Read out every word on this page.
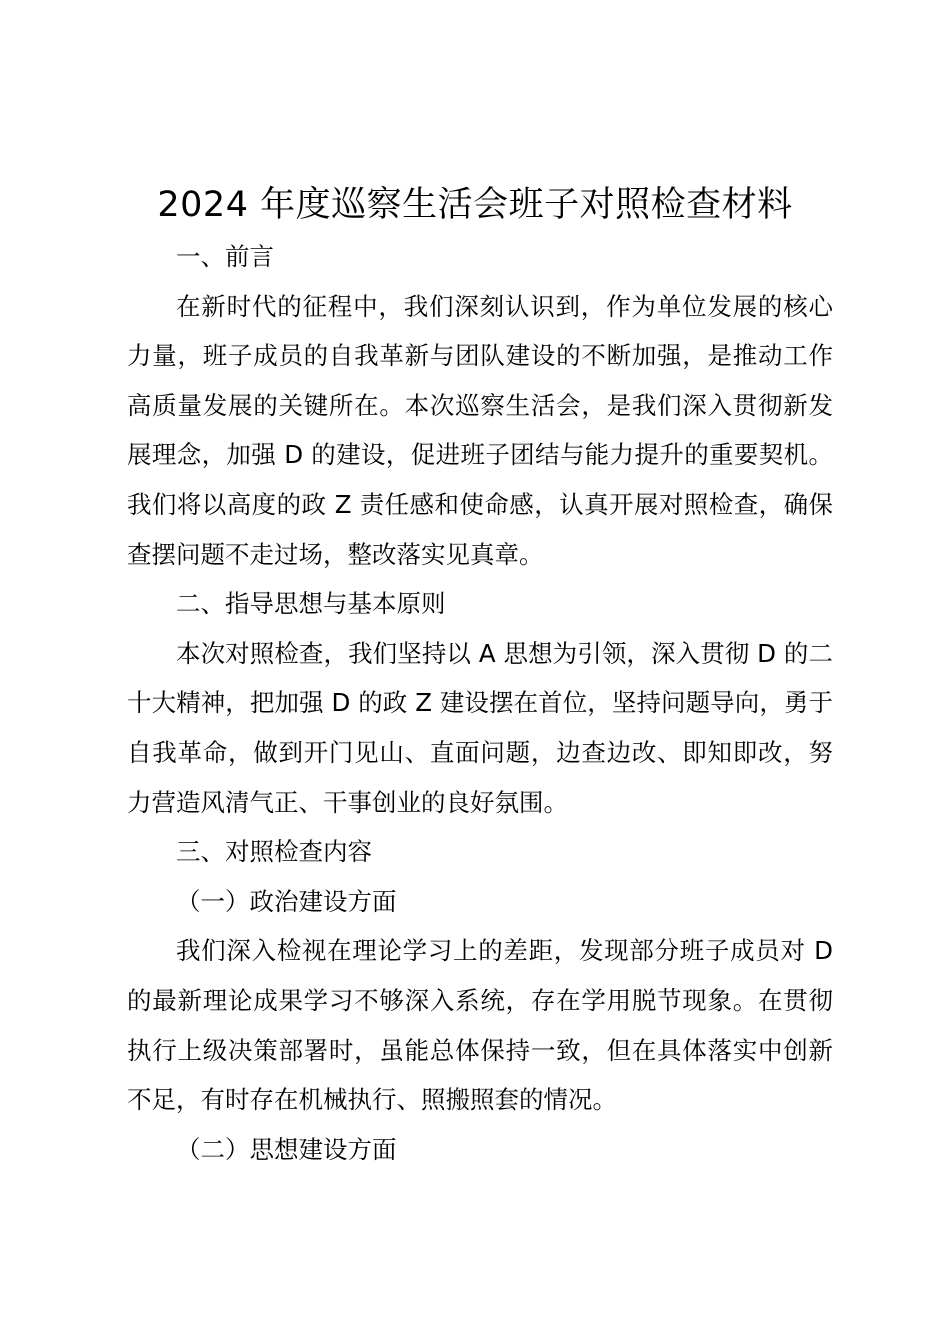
2024 年度巡察生活会班子对照检查材料

一、前言

在新时代的征程中，我们深刻认识到，作为单位发展的核心力量，班子成员的自我革新与团队建设的不断加强，是推动工作高质量发展的关键所在。本次巡察生活会，是我们深入贯彻新发展理念，加强 D 的建设，促进班子团结与能力提升的重要契机。我们将以高度的政 Z 责任感和使命感，认真开展对照检查，确保查摆问题不走过场，整改落实见真章。

二、指导思想与基本原则

本次对照检查，我们坚持以 A 思想为引领，深入贯彻 D 的二十大精神，把加强 D 的政 Z 建设摆在首位，坚持问题导向，勇于自我革命，做到开门见山、直面问题，边查边改、即知即改，努力营造风清气正、干事创业的良好氛围。

三、对照检查内容

（一）政治建设方面

我们深入检视在理论学习上的差距，发现部分班子成员对 D 的最新理论成果学习不够深入系统，存在学用脱节现象。在贯彻执行上级决策部署时，虽能总体保持一致，但在具体落实中创新不足，有时存在机械执行、照搬照套的情况。

（二）思想建设方面
